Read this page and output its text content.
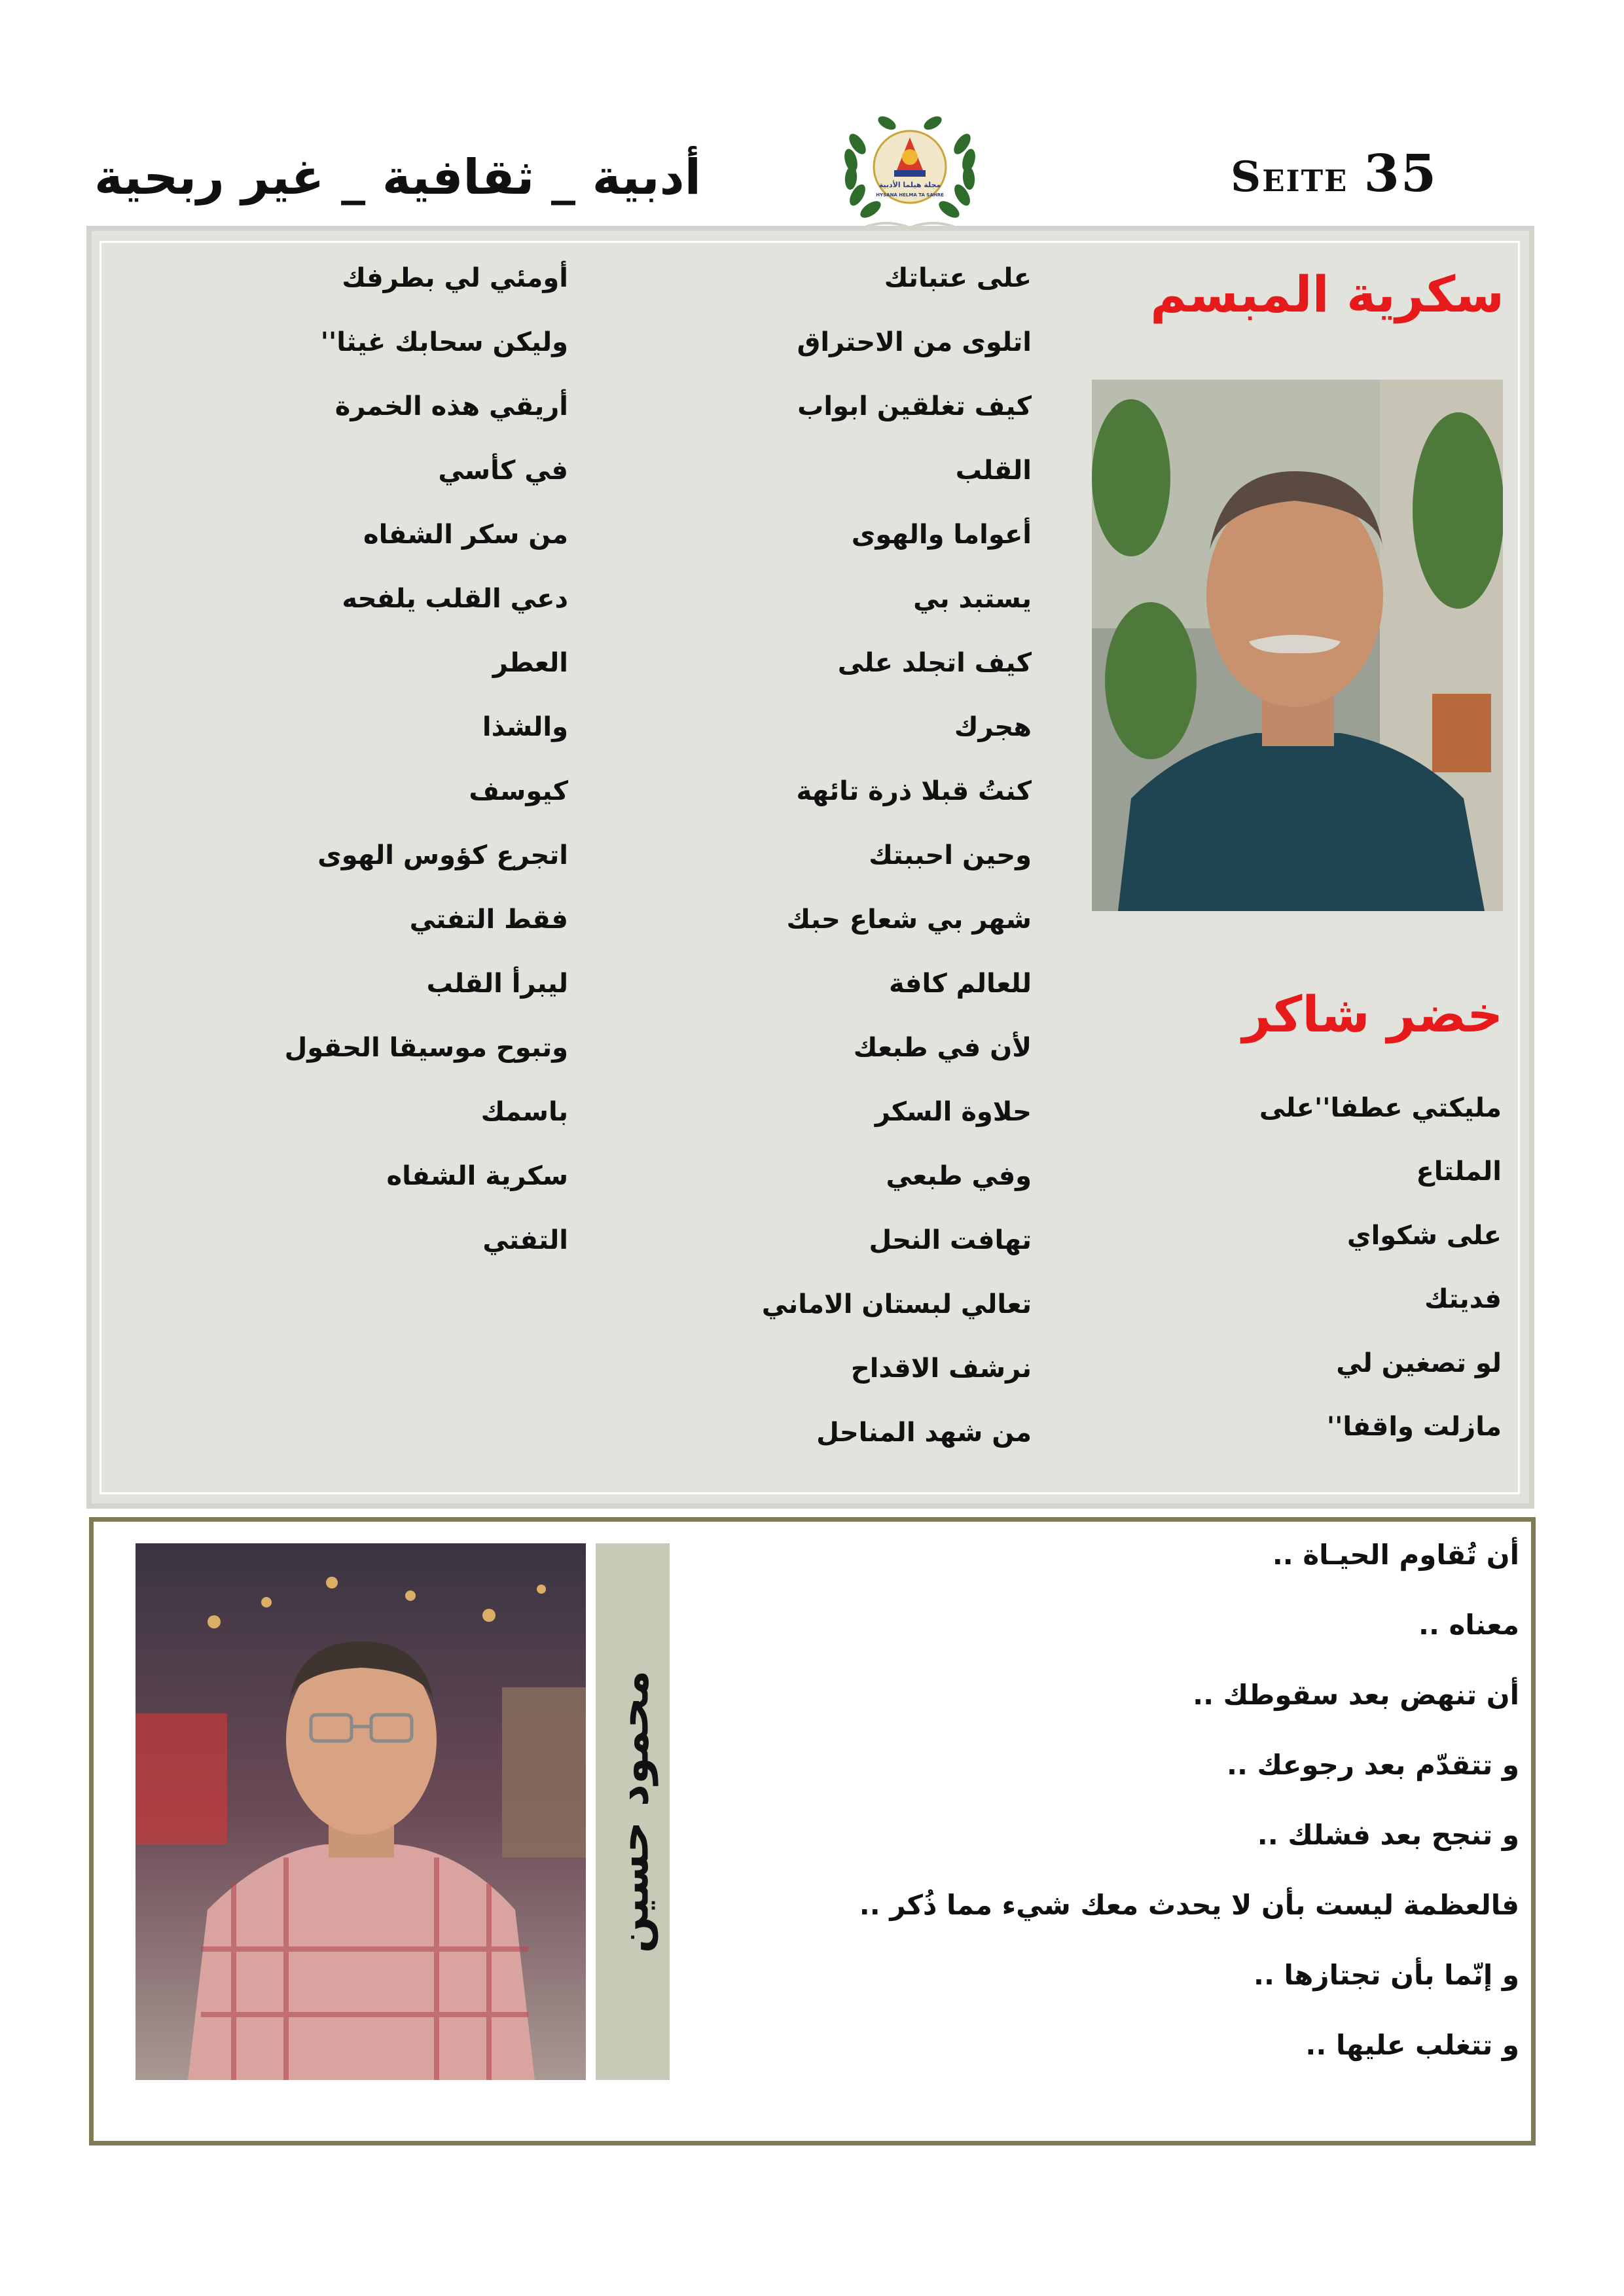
أدبية _ ثقافية _ غير ربحية	Seite 35
مجلة هيلما الأدبية
HYSANA HELMA TA SAHRE
سكرية المبسم
خضر شاكر
مليكتي عطفا''على
الملتاع
على شكواي
فديتك
لو تصغين لي
مازلت واقفا''
على عتباتك
اتلوى من الاحتراق
كيف تغلقين ابواب
القلب
أعواما والهوى
يستبد بي
كيف اتجلد على
هجرك
كنتُ قبلا ذرة تائهة
وحين احببتك
شهر بي شعاع حبك
للعالم كافة
لأن في طبعك
حلاوة السكر
وفي طبعي
تهافت النحل
تعالي لبستان الاماني
نرشف الاقداح
من شهد المناحل
أومئي لي بطرفك
وليكن سحابك غيثا''
أريقي هذه الخمرة
في كأسي
من سكر الشفاه
دعي القلب يلفحه
العطر
والشذا
كيوسف
اتجرع كؤوس الهوى
فقط التفتي
ليبرأ القلب
وتبوح موسيقا الحقول
باسمك
سكرية الشفاه
التفتي
محمود حسين
أن تُقاوم الحيـاة ..
معناه ..
أن تنهض بعد سقوطك ..
و تتقدّم بعد رجوعك ..
و تنجح بعد فشلك ..
فالعظمة ليست بأن لا يحدث معك شيء مما ذُكر ..
و إنّما بأن تجتازها ..
و تتغلب عليها ..
